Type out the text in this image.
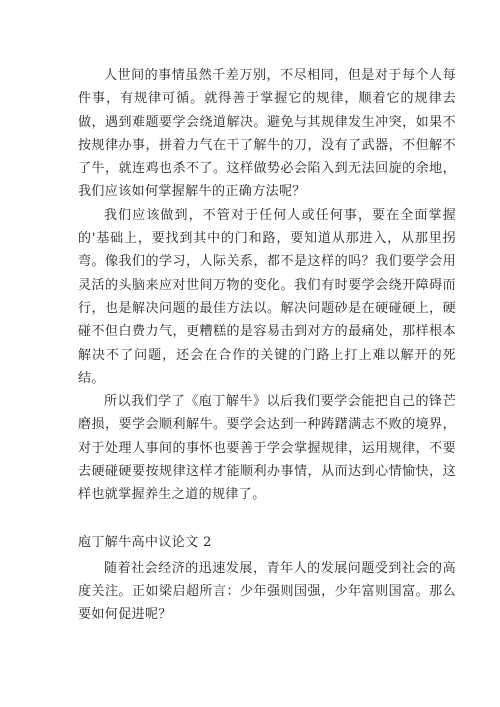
人世间的事情虽然千差万别，不尽相同，但是对于每个人每件事，有规律可循。就得善于掌握它的规律，顺着它的规律去做，遇到难题要学会绕道解决。避免与其规律发生冲突，如果不按规律办事，拼着力气在干了解牛的刀，没有了武器，不但解不了牛，就连鸡也杀不了。这样做势必会陷入到无法回旋的余地，我们应该如何掌握解牛的正确方法呢？

我们应该做到，不管对于任何人或任何事，要在全面掌握的'基础上，要找到其中的门和路，要知道从那进入，从那里拐弯。像我们的学习，人际关系，都不是这样的吗？我们要学会用灵活的头脑来应对世间万物的变化。我们有时要学会绕开障碍而行，也是解决问题的最佳方法以。解决问题砂是在硬碰硬上，硬碰不但白费力气，更糟糕的是容易击到对方的最痛处，那样根本解决不了问题，还会在合作的关键的门路上打上难以解开的死结。

所以我们学了《庖丁解牛》以后我们要学会能把自己的锋芒磨损，要学会顺利解牛。要学会达到一种踌躇满志不败的境界，对于处理人事间的事怀也要善于学会掌握规律，运用规律，不要去硬碰硬要按规律这样才能顺利办事情，从而达到心情愉快，这样也就掌握养生之道的规律了。

庖丁解牛高中议论文 2

随着社会经济的迅速发展，青年人的发展问题受到社会的高度关注。正如梁启超所言：少年强则国强，少年富则国富。那么要如何促进呢？
